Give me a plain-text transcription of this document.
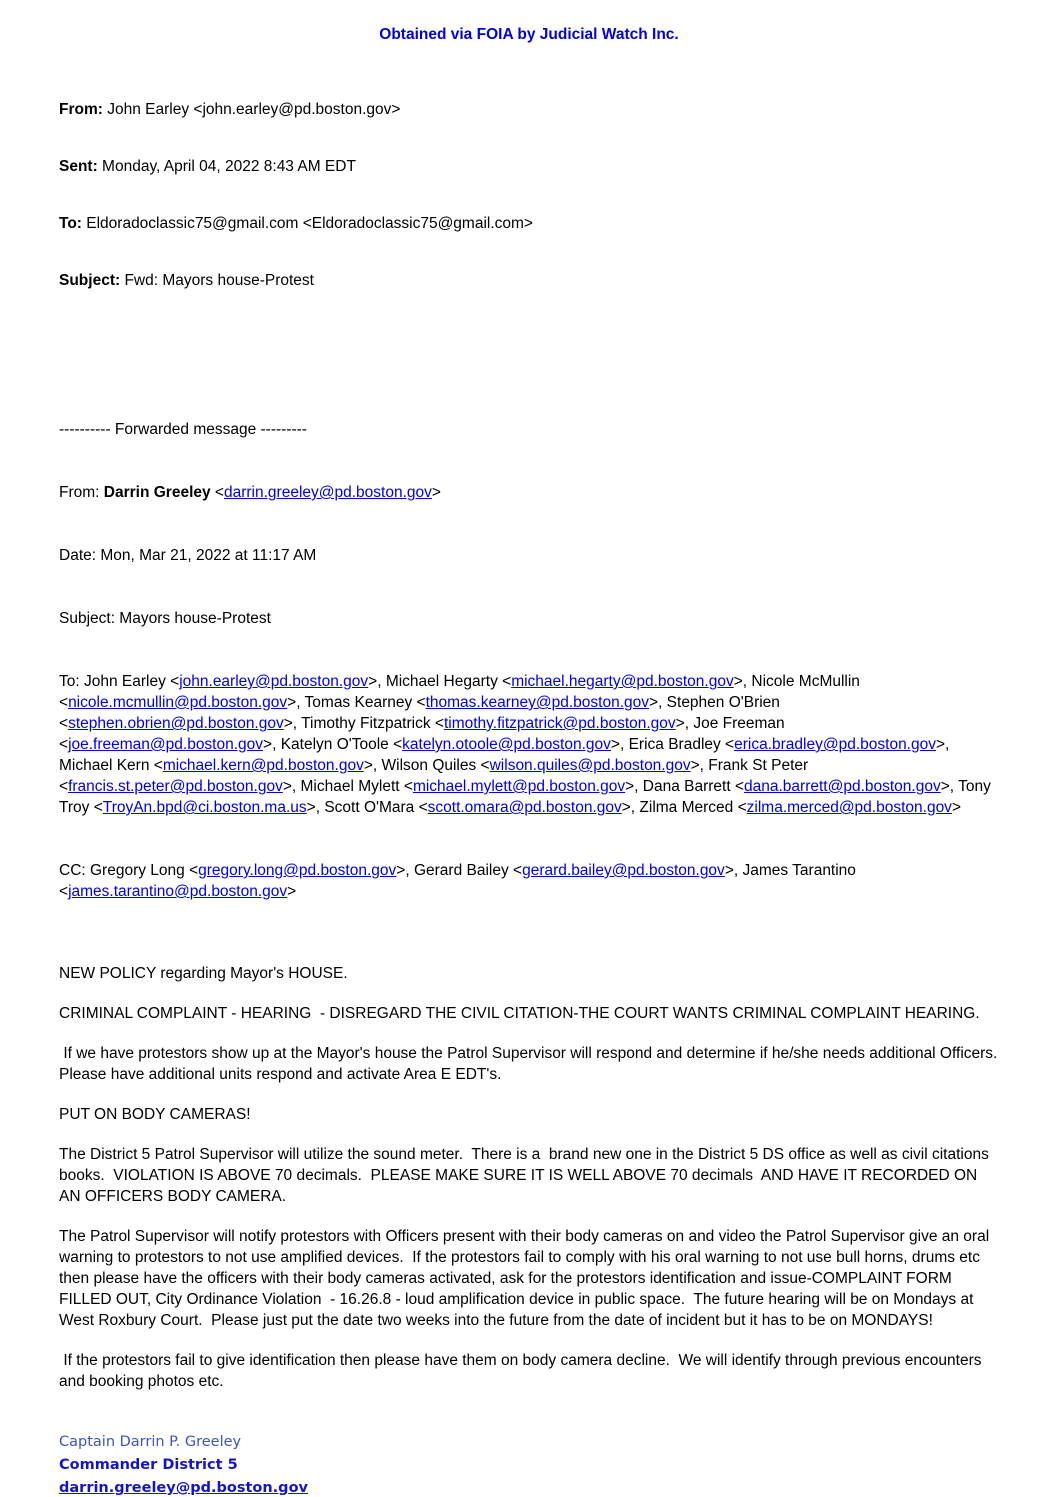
Obtained via FOIA by Judicial Watch Inc.

From: John Earley <john.earley@pd.boston.gov>

Sent: Monday, April 04, 2022 8:43 AM EDT

To: Eldoradoclassic75@gmail.com <Eldoradoclassic75@gmail.com>

Subject: Fwd: Mayors house-Protest

---------- Forwarded message ---------

From: Darrin Greeley <darrin.greeley@pd.boston.gov>

Date: Mon, Mar 21, 2022 at 11:17 AM

Subject: Mayors house-Protest

To: John Earley <john.earley@pd.boston.gov>, Michael Hegarty <michael.hegarty@pd.boston.gov>, Nicole McMullin <nicole.mcmullin@pd.boston.gov>, Tomas Kearney <thomas.kearney@pd.boston.gov>, Stephen O'Brien <stephen.obrien@pd.boston.gov>, Timothy Fitzpatrick <timothy.fitzpatrick@pd.boston.gov>, Joe Freeman <joe.freeman@pd.boston.gov>, Katelyn O'Toole <katelyn.otoole@pd.boston.gov>, Erica Bradley <erica.bradley@pd.boston.gov>, Michael Kern <michael.kern@pd.boston.gov>, Wilson Quiles <wilson.quiles@pd.boston.gov>, Frank St Peter <francis.st.peter@pd.boston.gov>, Michael Mylett <michael.mylett@pd.boston.gov>, Dana Barrett <dana.barrett@pd.boston.gov>, Tony Troy <TroyAn.bpd@ci.boston.ma.us>, Scott O'Mara <scott.omara@pd.boston.gov>, Zilma Merced <zilma.merced@pd.boston.gov>

CC: Gregory Long <gregory.long@pd.boston.gov>, Gerard Bailey <gerard.bailey@pd.boston.gov>, James Tarantino <james.tarantino@pd.boston.gov>

NEW POLICY regarding Mayor's HOUSE.

CRIMINAL COMPLAINT - HEARING  - DISREGARD THE CIVIL CITATION-THE COURT WANTS CRIMINAL COMPLAINT HEARING.

If we have protestors show up at the Mayor's house the Patrol Supervisor will respond and determine if he/she needs additional Officers.  Please have additional units respond and activate Area E EDT's.

PUT ON BODY CAMERAS!

The District 5 Patrol Supervisor will utilize the sound meter.  There is a  brand new one in the District 5 DS office as well as civil citations books.  VIOLATION IS ABOVE 70 decimals.  PLEASE MAKE SURE IT IS WELL ABOVE 70 decimals  AND HAVE IT RECORDED ON AN OFFICERS BODY CAMERA.

The Patrol Supervisor will notify protestors with Officers present with their body cameras on and video the Patrol Supervisor give an oral warning to protestors to not use amplified devices.  If the protestors fail to comply with his oral warning to not use bull horns, drums etc then please have the officers with their body cameras activated, ask for the protestors identification and issue-COMPLAINT FORM FILLED OUT, City Ordinance Violation  - 16.26.8 - loud amplification device in public space.  The future hearing will be on Mondays at West Roxbury Court.  Please just put the date two weeks into the future from the date of incident but it has to be on MONDAYS!

If the protestors fail to give identification then please have them on body camera decline.  We will identify through previous encounters and booking photos etc.

Captain Darrin P. Greeley
Commander District 5
darrin.greeley@pd.boston.gov
